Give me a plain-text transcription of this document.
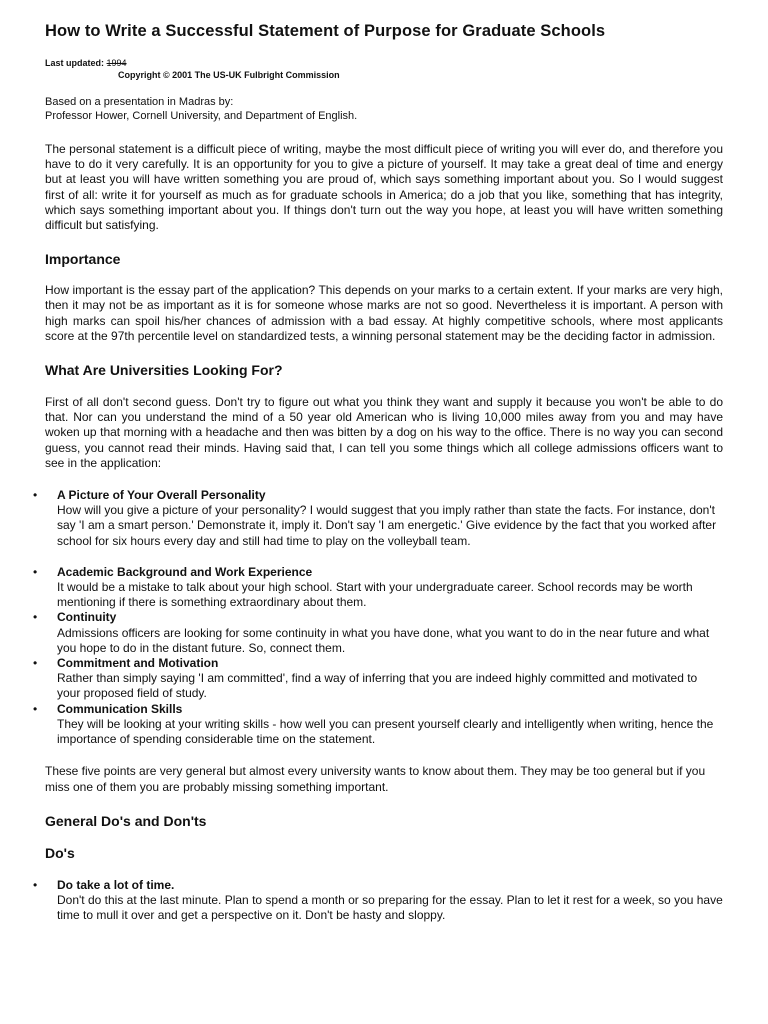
How to Write a Successful Statement of Purpose for Graduate Schools
Last updated: 1994
Copyright © 2001 The US-UK Fulbright Commission
Based on a presentation in Madras by:
Professor Hower, Cornell University, and Department of English.

The personal statement is a difficult piece of writing, maybe the most difficult piece of writing you will ever do, and therefore you have to do it very carefully. It is an opportunity for you to give a picture of yourself. It may take a great deal of time and energy but at least you will have written something you are proud of, which says something important about you. So I would suggest first of all: write it for yourself as much as for graduate schools in America; do a job that you like, something that has integrity, which says something important about you. If things don't turn out the way you hope, at least you will have written something difficult but satisfying.

Importance

How important is the essay part of the application? This depends on your marks to a certain extent. If your marks are very high, then it may not be as important as it is for someone whose marks are not so good. Nevertheless it is important. A person with high marks can spoil his/her chances of admission with a bad essay. At highly competitive schools, where most applicants score at the 97th percentile level on standardized tests, a winning personal statement may be the deciding factor in admission.

What Are Universities Looking For?

First of all don't second guess. Don't try to figure out what you think they want and supply it because you won't be able to do that. Nor can you understand the mind of a 50 year old American who is living 10,000 miles away from you and may have woken up that morning with a headache and then was bitten by a dog on his way to the office. There is no way you can second guess, you cannot read their minds. Having said that, I can tell you some things which all college admissions officers want to see in the application:

• A Picture of Your Overall Personality
How will you give a picture of your personality? I would suggest that you imply rather than state the facts. For instance, don't say 'I am a smart person.' Demonstrate it, imply it. Don't say 'I am energetic.' Give evidence by the fact that you worked after school for six hours every day and still had time to play on the volleyball team.
• Academic Background and Work Experience
It would be a mistake to talk about your high school. Start with your undergraduate career. School records may be worth mentioning if there is something extraordinary about them.
• Continuity
Admissions officers are looking for some continuity in what you have done, what you want to do in the near future and what you hope to do in the distant future. So, connect them.
• Commitment and Motivation
Rather than simply saying 'I am committed', find a way of inferring that you are indeed highly committed and motivated to your proposed field of study.
• Communication Skills
They will be looking at your writing skills - how well you can present yourself clearly and intelligently when writing, hence the importance of spending considerable time on the statement.

These five points are very general but almost every university wants to know about them. They may be too general but if you miss one of them you are probably missing something important.

General Do's and Don'ts
Do's
• Do take a lot of time.
Don't do this at the last minute. Plan to spend a month or so preparing for the essay. Plan to let it rest for a week, so you have time to mull it over and get a perspective on it. Don't be hasty and sloppy.
